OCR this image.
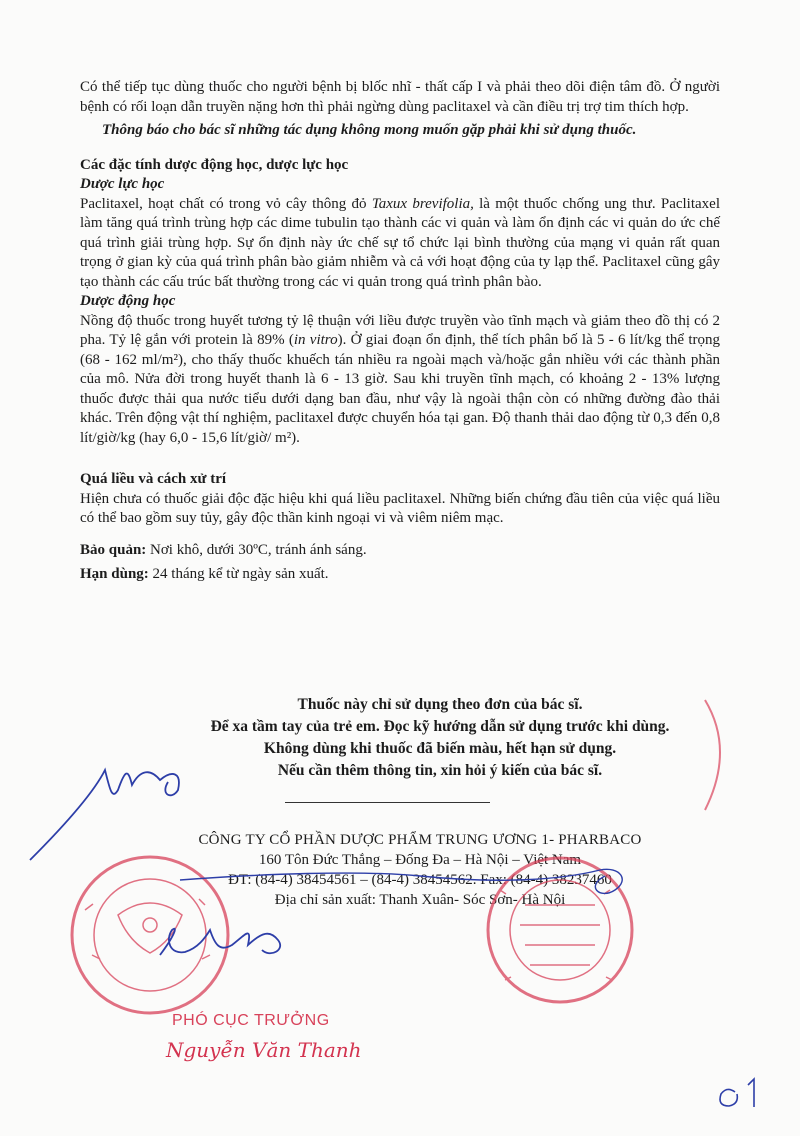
Có thể tiếp tục dùng thuốc cho người bệnh bị blốc nhĩ - thất cấp I và phải theo dõi điện tâm đồ. Ở người bệnh có rối loạn dẫn truyền nặng hơn thì phải ngừng dùng paclitaxel và cần điều trị trợ tim thích hợp.

Thông báo cho bác sĩ những tác dụng không mong muốn gặp phải khi sử dụng thuốc.

Các đặc tính dược động học, dược lực học

Dược lực học

Paclitaxel, hoạt chất có trong vỏ cây thông đỏ Taxux brevifolia, là một thuốc chống ung thư. Paclitaxel làm tăng quá trình trùng hợp các dime tubulin tạo thành các vi quản và làm ổn định các vi quản do ức chế quá trình giải trùng hợp. Sự ổn định này ức chế sự tổ chức lại bình thường của mạng vi quản rất quan trọng ở gian kỳ của quá trình phân bào giảm nhiễm và cả với hoạt động của ty lạp thể. Paclitaxel cũng gây tạo thành các cấu trúc bất thường trong các vi quản trong quá trình phân bào.

Dược động học

Nồng độ thuốc trong huyết tương tỷ lệ thuận với liều được truyền vào tĩnh mạch và giảm theo đồ thị có 2 pha. Tỷ lệ gắn với protein là 89% (in vitro). Ở giai đoạn ổn định, thể tích phân bố là 5 - 6 lít/kg thể trọng (68 - 162 ml/m²), cho thấy thuốc khuếch tán nhiều ra ngoài mạch và/hoặc gắn nhiều với các thành phần của mô. Nửa đời trong huyết thanh là 6 - 13 giờ. Sau khi truyền tĩnh mạch, có khoảng 2 - 13% lượng thuốc được thải qua nước tiểu dưới dạng ban đầu, như vậy là ngoài thận còn có những đường đào thải khác. Trên động vật thí nghiệm, paclitaxel được chuyển hóa tại gan. Độ thanh thải dao động từ 0,3 đến 0,8 lít/giờ/kg (hay 6,0 - 15,6 lít/giờ/ m²).

Quá liều và cách xử trí

Hiện chưa có thuốc giải độc đặc hiệu khi quá liều paclitaxel. Những biến chứng đầu tiên của việc quá liều có thể bao gồm suy tủy, gây độc thần kinh ngoại vi và viêm niêm mạc.

Bảo quản: Nơi khô, dưới 30ºC, tránh ánh sáng.

Hạn dùng: 24 tháng kể từ ngày sản xuất.

Thuốc này chỉ sử dụng theo đơn của bác sĩ.

Để xa tầm tay của trẻ em. Đọc kỹ hướng dẫn sử dụng trước khi dùng.

Không dùng khi thuốc đã biến màu, hết hạn sử dụng.

Nếu cần thêm thông tin, xin hỏi ý kiến của bác sĩ.

CÔNG TY CỔ PHẦN DƯỢC PHẨM TRUNG ƯƠNG 1- PHARBACO

160 Tôn Đức Thắng – Đống Đa – Hà Nội – Việt Nam

ĐT: (84-4) 38454561 – (84-4) 38454562. Fax: (84-4) 38237460

Địa chỉ sản xuất: Thanh Xuân- Sóc Sơn- Hà Nội

PHÓ CỤC TRƯỞNG
Nguyễn Văn Thanh
